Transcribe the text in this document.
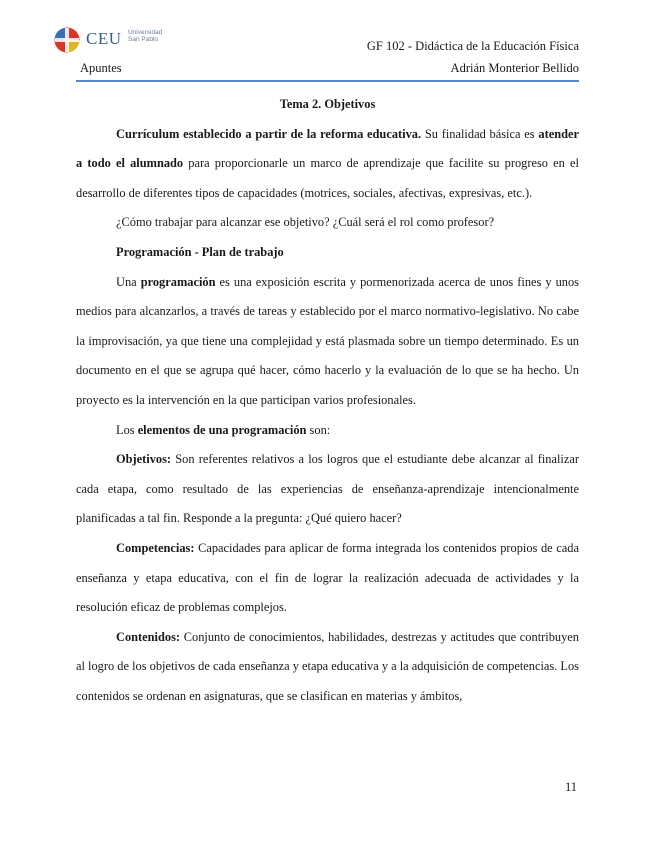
CEU Universidad
San Pablo	GF 102 - Didáctica de la Educación Física
Apuntes	Adrián Monterior Bellido

Tema 2. Objetivos

Currículum establecido a partir de la reforma educativa. Su finalidad básica es atender a todo el alumnado para proporcionarle un marco de aprendizaje que facilite su progreso en el desarrollo de diferentes tipos de capacidades (motrices, sociales, afectivas, expresivas, etc.).

¿Cómo trabajar para alcanzar ese objetivo? ¿Cuál será el rol como profesor?

Programación - Plan de trabajo

Una programación es una exposición escrita y pormenorizada acerca de unos fines y unos medios para alcanzarlos, a través de tareas y establecido por el marco normativo-legislativo. No cabe la improvisación, ya que tiene una complejidad y está plasmada sobre un tiempo determinado. Es un documento en el que se agrupa qué hacer, cómo hacerlo y la evaluación de lo que se ha hecho. Un proyecto es la intervención en la que participan varios profesionales.

Los elementos de una programación son:

Objetivos: Son referentes relativos a los logros que el estudiante debe alcanzar al finalizar cada etapa, como resultado de las experiencias de enseñanza-aprendizaje intencionalmente planificadas a tal fin. Responde a la pregunta: ¿Qué quiero hacer?

Competencias: Capacidades para aplicar de forma integrada los contenidos propios de cada enseñanza y etapa educativa, con el fin de lograr la realización adecuada de actividades y la resolución eficaz de problemas complejos.

Contenidos: Conjunto de conocimientos, habilidades, destrezas y actitudes que contribuyen al logro de los objetivos de cada enseñanza y etapa educativa y a la adquisición de competencias. Los contenidos se ordenan en asignaturas, que se clasifican en materias y ámbitos,

11
